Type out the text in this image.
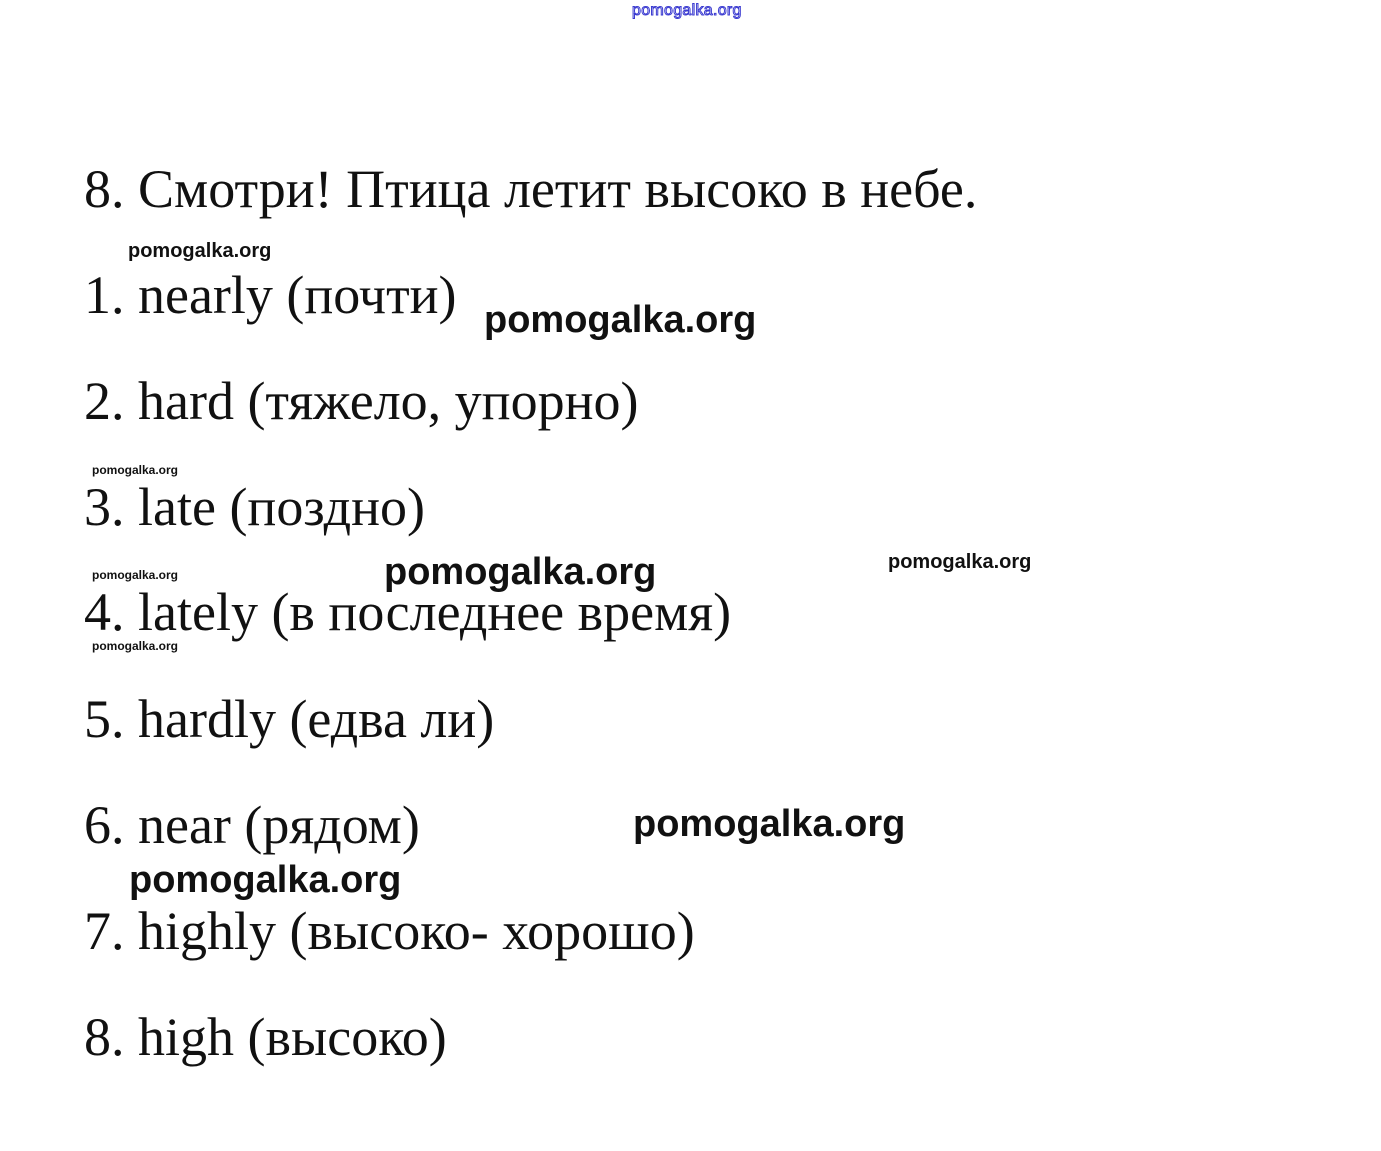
pomogalka.org
8. Смотри! Птица летит высоко в небе.
1. nearly (почти)
2. hard (тяжело, упорно)
3. late (поздно)
4. lately (в последнее время)
5. hardly (едва ли)
6. near (рядом)
7. highly (высоко- хорошо)
8. high (высоко)
pomogalka.org
pomogalka.org
pomogalka.org
pomogalka.org	pomogalka.org
pomogalka.org
pomogalka.org
pomogalka.org
pomogalka.org
